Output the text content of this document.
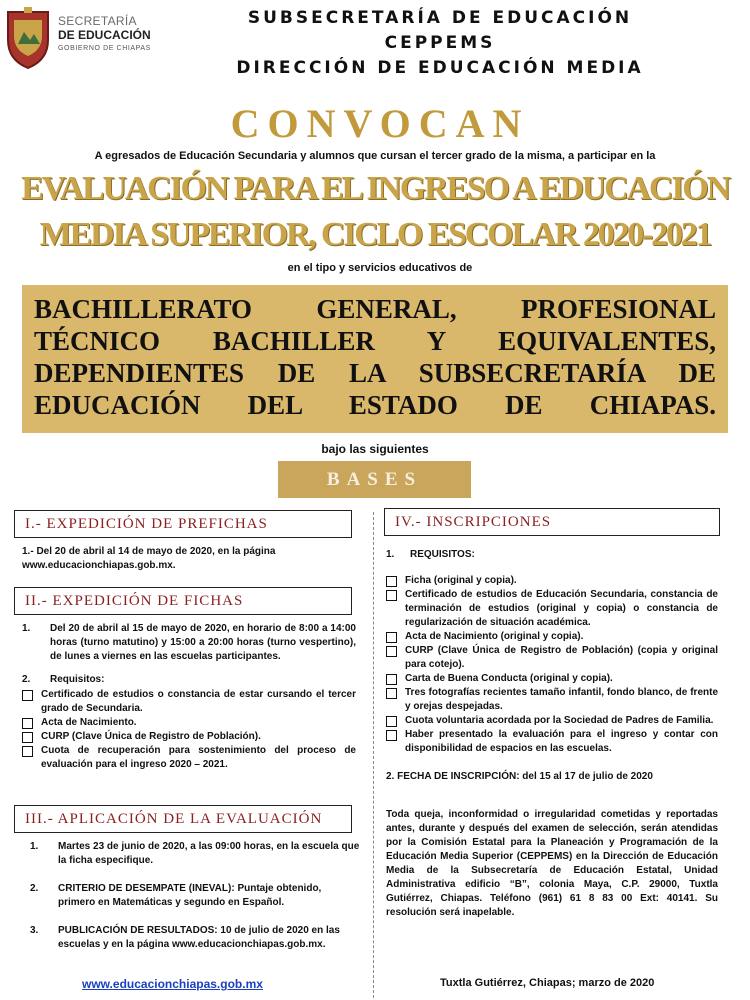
SECRETARÍA
DE EDUCACIÓN
GOBIERNO DE CHIAPAS
SUBSECRETARÍA DE EDUCACIÓN
CEPPEMS
DIRECCIÓN DE EDUCACIÓN MEDIA
CONVOCAN
A egresados de Educación Secundaria y alumnos que cursan el tercer grado de la misma, a participar en la
EVALUACIÓN PARA EL INGRESO A EDUCACIÓN
MEDIA SUPERIOR, CICLO ESCOLAR 2020-2021
en el tipo y servicios educativos de
BACHILLERATO GENERAL, PROFESIONAL TÉCNICO BACHILLER Y EQUIVALENTES, DEPENDIENTES DE LA SUBSECRETARÍA DE EDUCACIÓN DEL ESTADO DE CHIAPAS.
bajo las siguientes
BASES
I.- EXPEDICIÓN DE PREFICHAS
1.- Del 20 de abril al 14 de mayo de 2020, en la página www.educacionchiapas.gob.mx.
II.- EXPEDICIÓN DE FICHAS
1.	Del 20 de abril al 15 de mayo de 2020, en horario de 8:00 a 14:00 horas (turno matutino) y 15:00 a 20:00 horas (turno vespertino), de lunes a viernes en las escuelas participantes.
2.	Requisitos:
Certificado de estudios o constancia de estar cursando el tercer grado de Secundaria.
Acta de Nacimiento.
CURP (Clave Única de Registro de Población).
Cuota de recuperación para sostenimiento del proceso de evaluación para el ingreso 2020 – 2021.
III.- APLICACIÓN DE LA EVALUACIÓN
1.	Martes 23 de junio de 2020, a las 09:00 horas, en la escuela que la ficha especifique.
2.	CRITERIO DE DESEMPATE (INEVAL): Puntaje obtenido, primero en Matemáticas y segundo en Español.
3.	PUBLICACIÓN DE RESULTADOS: 10 de julio de 2020 en las escuelas y en la página www.educacionchiapas.gob.mx.
IV.- INSCRIPCIONES
1.	REQUISITOS:
Ficha (original y copia).
Certificado de estudios de Educación Secundaria, constancia de terminación de estudios (original y copia) o constancia de regularización de situación académica.
Acta de Nacimiento (original y copia).
CURP (Clave Única de Registro de Población) (copia y original para cotejo).
Carta de Buena Conducta (original y copia).
Tres fotografías recientes tamaño infantil, fondo blanco, de frente y orejas despejadas.
Cuota voluntaria acordada por la Sociedad de Padres de Familia.
Haber presentado la evaluación para el ingreso y contar con disponibilidad de espacios en las escuelas.
2. FECHA DE INSCRIPCIÓN: del 15 al 17 de julio de 2020
Toda queja, inconformidad o irregularidad cometidas y reportadas antes, durante y después del examen de selección, serán atendidas por la Comisión Estatal para la Planeación y Programación de la Educación Media Superior (CEPPEMS) en la Dirección de Educación Media de la Subsecretaría de Educación Estatal, Unidad Administrativa edificio “B”, colonia Maya, C.P. 29000, Tuxtla Gutiérrez, Chiapas. Teléfono (961) 61 8 83 00 Ext: 40141. Su resolución será inapelable.
www.educacionchiapas.gob.mx	Tuxtla Gutiérrez, Chiapas; marzo de 2020
